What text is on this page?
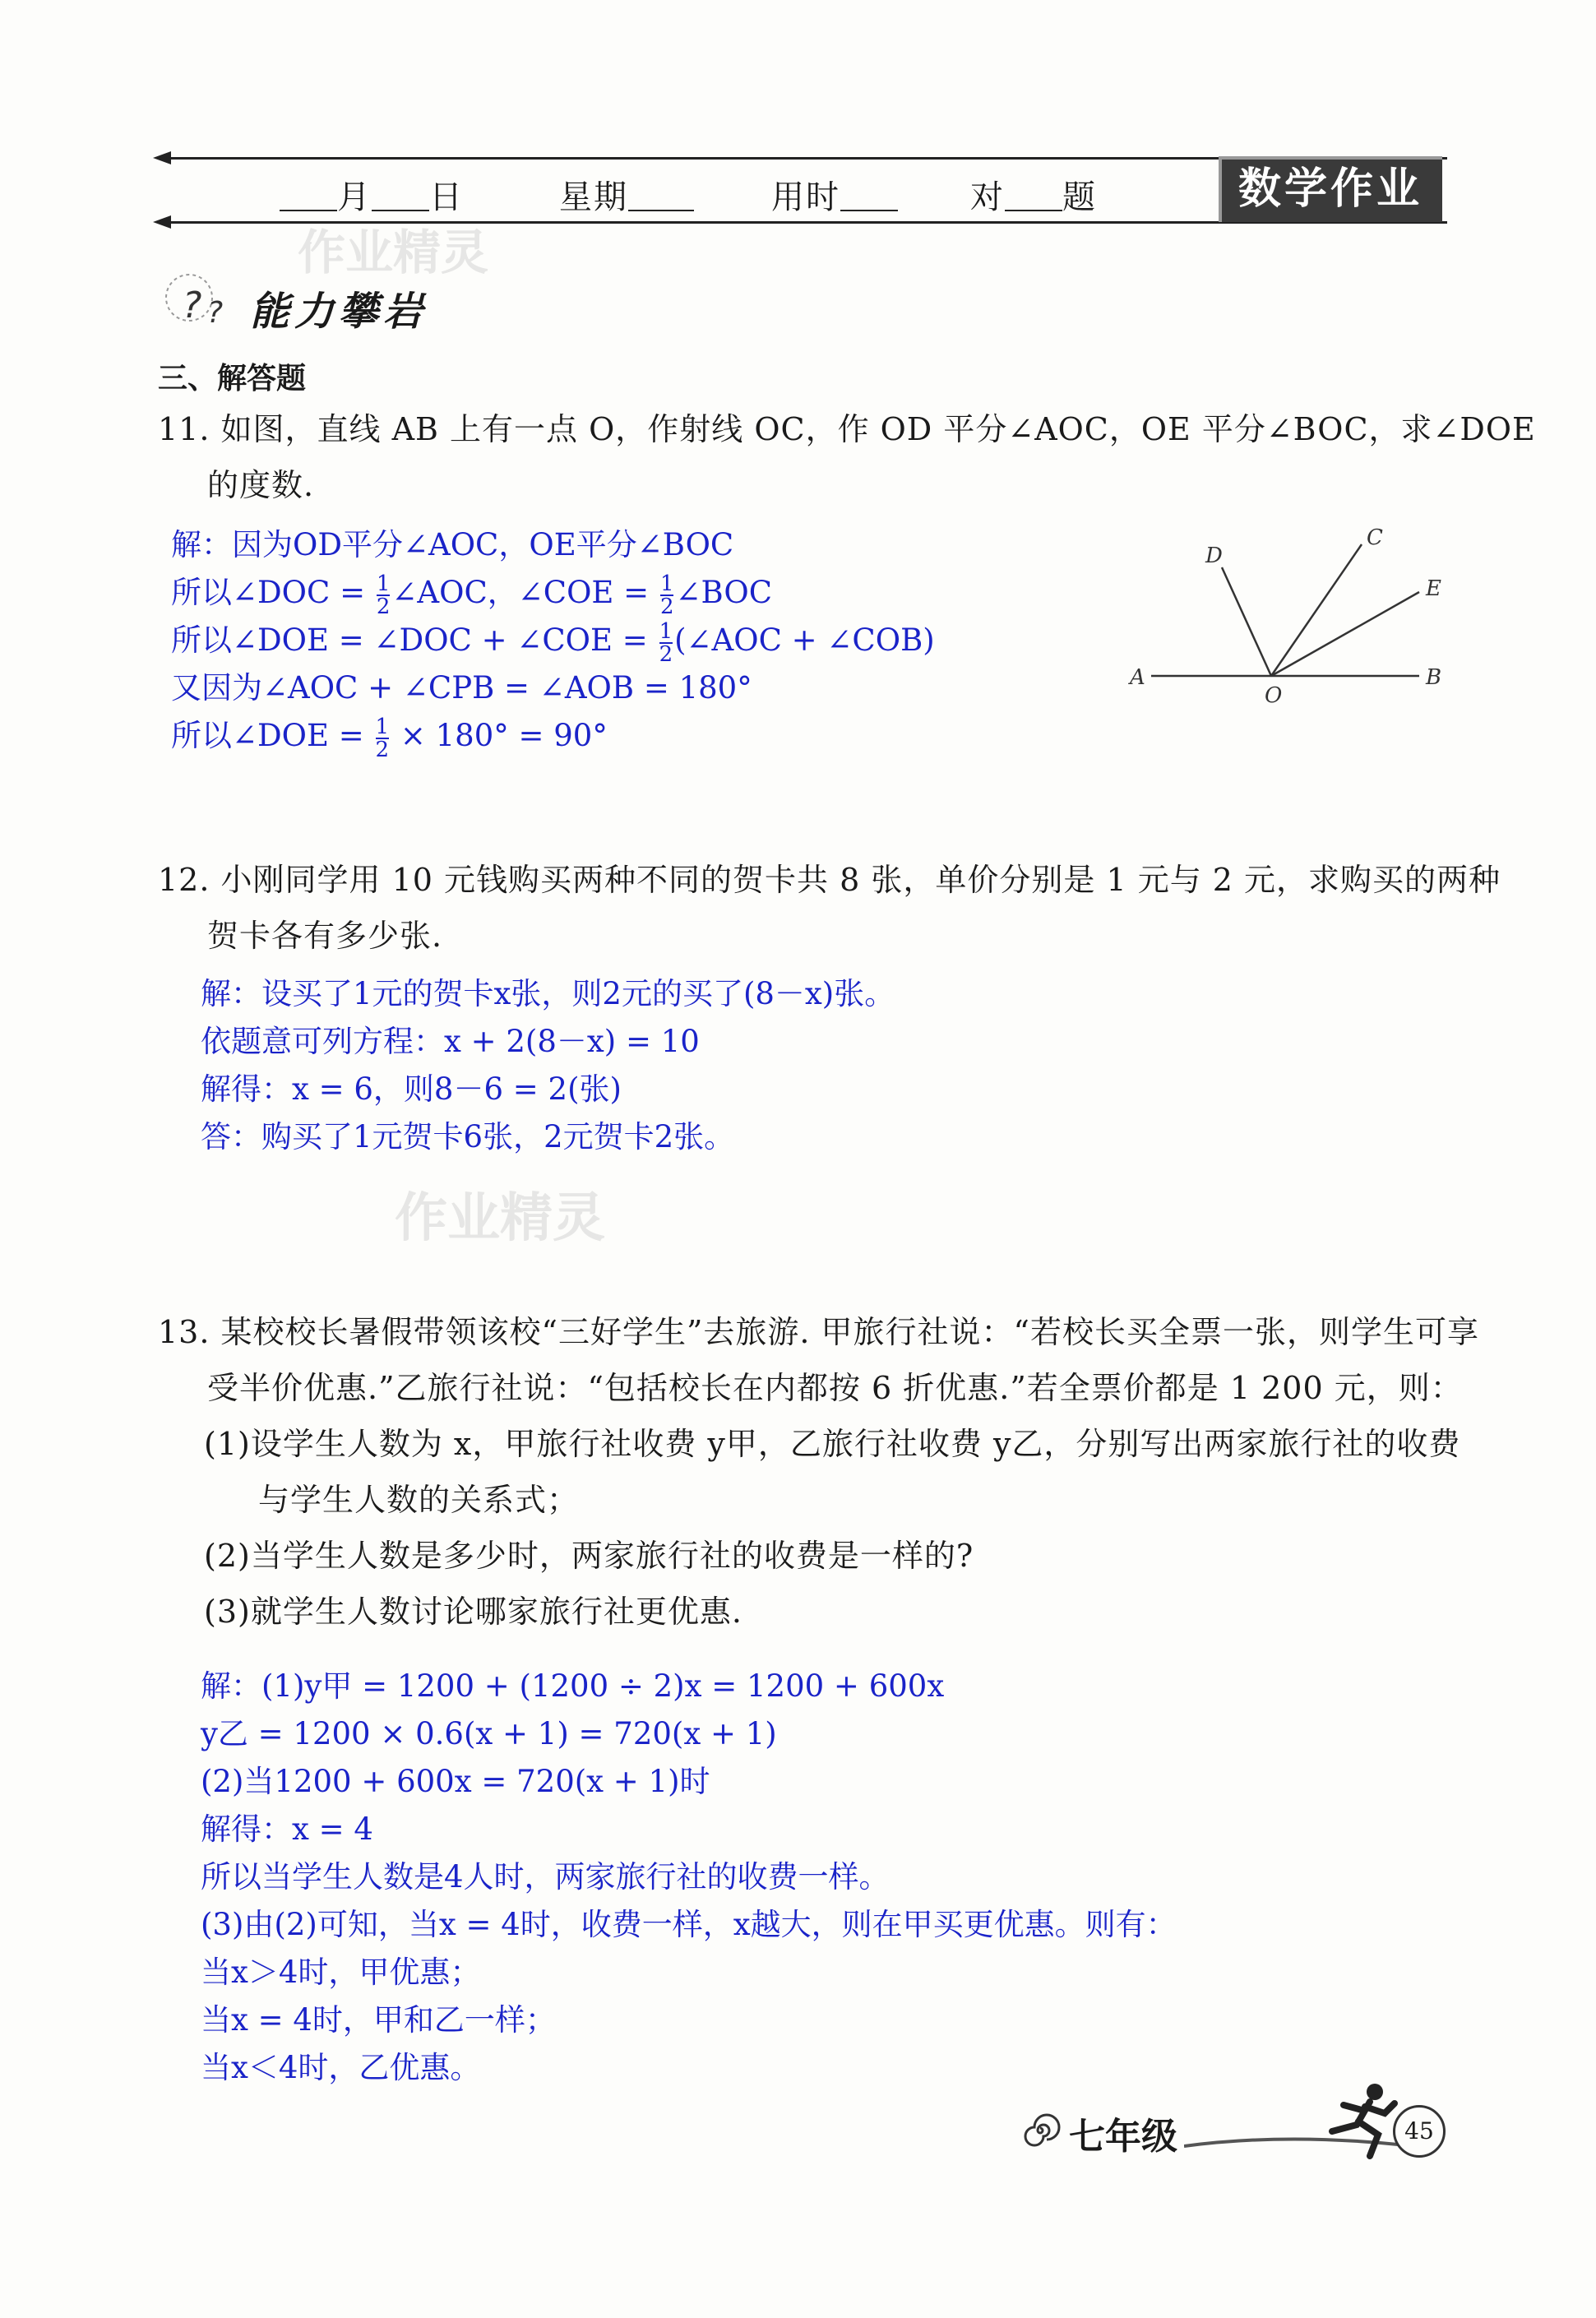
月 日	星期	用时	对 题	数学作业
作业精灵
作业精灵
? ? 能力攀岩
三、解答题
11. 如图，直线 AB 上有一点 O，作射线 OC，作 OD 平分∠AOC，OE 平分∠BOC，求∠DOE
的度数.
解：因为OD平分∠AOC，OE平分∠BOC
所以∠DOC = $\frac{1}{2}$ ∠AOC，∠COE = $\frac{1}{2}$ ∠BOC
所以∠DOE = ∠DOC + ∠COE = $\frac{1}{2}$ (∠AOC + ∠COB)
又因为∠AOC + ∠CPB = ∠AOB = 180°
所以∠DOE = $\frac{1}{2} \times 180^\circ = 90^\circ$
A	B
O
D
C
E
12. 小刚同学用 10 元钱购买两种不同的贺卡共 8 张，单价分别是 1 元与 2 元，求购买的两种
贺卡各有多少张.
解：设买了1元的贺卡x张，则2元的买了(8－x)张。
依题意可列方程：x + 2(8－x) = 10
解得：x = 6，则8－6 = 2(张)
答：购买了1元贺卡6张，2元贺卡2张。
13. 某校校长暑假带领该校“三好学生”去旅游. 甲旅行社说：“若校长买全票一张，则学生可享
受半价优惠.”乙旅行社说：“包括校长在内都按 6 折优惠.”若全票价都是 1 200 元，则：
(1)设学生人数为 x，甲旅行社收费 y甲，乙旅行社收费 y乙，分别写出两家旅行社的收费
与学生人数的关系式；
(2)当学生人数是多少时，两家旅行社的收费是一样的?
(3)就学生人数讨论哪家旅行社更优惠.
解：(1)y甲 = 1200 + (1200 ÷ 2)x = 1200 + 600x
y乙 = 1200 × 0.6(x + 1) = 720(x + 1)
(2)当1200 + 600x = 720(x + 1)时
解得：x = 4
所以当学生人数是4人时，两家旅行社的收费一样。
(3)由(2)可知，当x = 4时，收费一样，x越大，则在甲买更优惠。则有：
当x＞4时，甲优惠；
当x = 4时，甲和乙一样；
当x＜4时，乙优惠。
七年级	45
